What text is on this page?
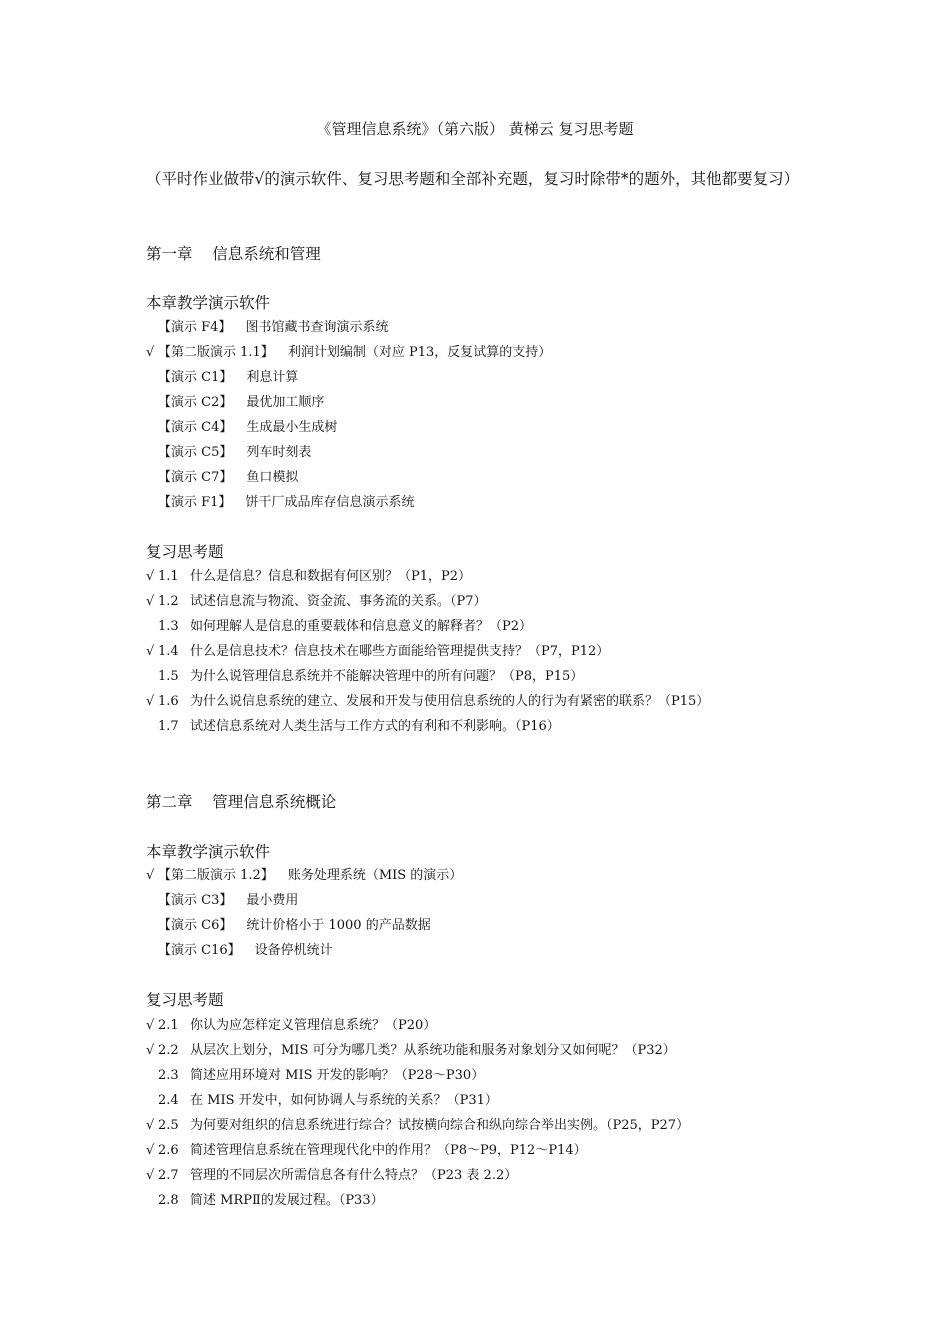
《管理信息系统》（第六版） 黄梯云 复习思考题
（平时作业做带√的演示软件、复习思考题和全部补充题，复习时除带*的题外，其他都要复习）
第一章    信息系统和管理
本章教学演示软件
【演示 F4】 图书馆藏书查询演示系统
√ 【第二版演示 1.1】 利润计划编制（对应 P13，反复试算的支持）
【演示 C1】 利息计算
【演示 C2】 最优加工顺序
【演示 C4】 生成最小生成树
【演示 C5】 列车时刻表
【演示 C7】 鱼口模拟
【演示 F1】 饼干厂成品库存信息演示系统
复习思考题
√ 1.1 什么是信息？信息和数据有何区别？（P1，P2）
√ 1.2 试述信息流与物流、资金流、事务流的关系。（P7）
1.3 如何理解人是信息的重要载体和信息意义的解释者？（P2）
√ 1.4 什么是信息技术？信息技术在哪些方面能给管理提供支持？（P7，P12）
1.5 为什么说管理信息系统并不能解决管理中的所有问题？（P8，P15）
√ 1.6 为什么说信息系统的建立、发展和开发与使用信息系统的人的行为有紧密的联系？（P15）
1.7 试述信息系统对人类生活与工作方式的有利和不利影响。（P16）
第二章    管理信息系统概论
本章教学演示软件
√ 【第二版演示 1.2】 账务处理系统（MIS 的演示）
【演示 C3】 最小费用
【演示 C6】 统计价格小于 1000 的产品数据
【演示 C16】 设备停机统计
复习思考题
√ 2.1 你认为应怎样定义管理信息系统？（P20）
√ 2.2 从层次上划分，MIS 可分为哪几类？从系统功能和服务对象划分又如何呢？（P32）
2.3 简述应用环境对 MIS 开发的影响？（P28～P30）
2.4 在 MIS 开发中，如何协调人与系统的关系？（P31）
√ 2.5 为何要对组织的信息系统进行综合？试按横向综合和纵向综合举出实例。（P25，P27）
√ 2.6 简述管理信息系统在管理现代化中的作用？（P8～P9，P12～P14）
√ 2.7 管理的不同层次所需信息各有什么特点？（P23 表 2.2）
2.8 简述 MRPⅡ的发展过程。（P33）
